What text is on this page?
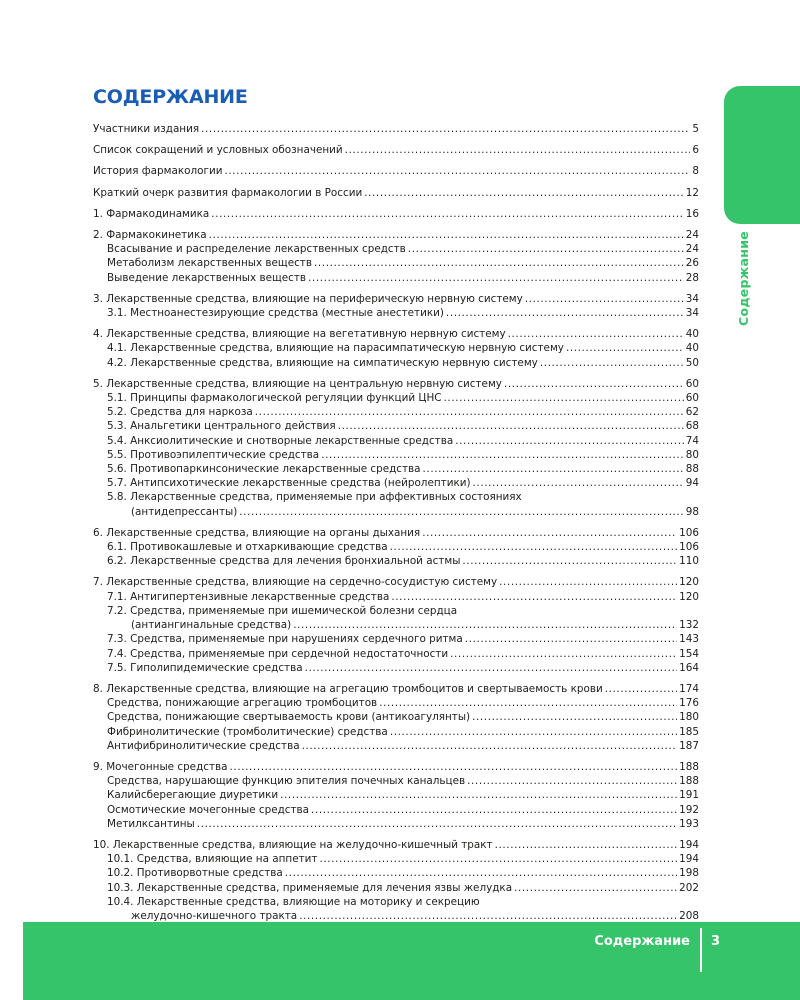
Содержание
СОДЕРЖАНИЕ
Участники издания .....	5
Список сокращений и условных обозначений .....	6
История фармакологии .....	8
Краткий очерк развития фармакологии в России .....	12
1. Фармакодинамика .....	16
2. Фармакокинетика .....	24
Всасывание и распределение лекарственных средств .....	24
Метаболизм лекарственных веществ .....	26
Выведение лекарственных веществ .....	28
3. Лекарственные средства, влияющие на периферическую нервную систему .....	34
3.1. Местноанестезирующие средства (местные анестетики) .....	34
4. Лекарственные средства, влияющие на вегетативную нервную систему .....	40
4.1. Лекарственные средства, влияющие на парасимпатическую нервную систему .....	40
4.2. Лекарственные средства, влияющие на симпатическую нервную систему .....	50
5. Лекарственные средства, влияющие на центральную нервную систему .....	60
5.1. Принципы фармакологической регуляции функций ЦНС .....	60
5.2. Средства для наркоза .....	62
5.3. Анальгетики центрального действия .....	68
5.4. Анксиолитические и снотворные лекарственные средства .....	74
5.5. Противоэпилептические средства .....	80
5.6. Противопаркинсонические лекарственные средства .....	88
5.7. Антипсихотические лекарственные средства (нейролептики) .....	94
5.8. Лекарственные средства, применяемые при аффективных состояниях
(антидепрессанты) .....	98
6. Лекарственные средства, влияющие на органы дыхания .....	106
6.1. Противокашлевые и отхаркивающие средства .....	106
6.2. Лекарственные средства для лечения бронхиальной астмы .....	110
7. Лекарственные средства, влияющие на сердечно-сосудистую систему .....	120
7.1. Антигипертензивные лекарственные средства .....	120
7.2. Средства, применяемые при ишемической болезни сердца
(антиангинальные средства) .....	132
7.3. Средства, применяемые при нарушениях сердечного ритма .....	143
7.4. Средства, применяемые при сердечной недостаточности .....	154
7.5. Гиполипидемические средства .....	164
8. Лекарственные средства, влияющие на агрегацию тромбоцитов и свертываемость крови .....	174
Средства, понижающие агрегацию тромбоцитов .....	176
Средства, понижающие свертываемость крови (антикоагулянты) .....	180
Фибринолитические (тромболитические) средства .....	185
Антифибринолитические средства .....	187
9. Мочегонные средства .....	188
Средства, нарушающие функцию эпителия почечных канальцев .....	188
Калийсберегающие диуретики .....	191
Осмотические мочегонные средства .....	192
Метилксантины .....	193
10. Лекарственные средства, влияющие на желудочно-кишечный тракт .....	194
10.1. Средства, влияющие на аппетит .....	194
10.2. Противорвотные средства .....	198
10.3. Лекарственные средства, применяемые для лечения язвы желудка .....	202
10.4. Лекарственные средства, влияющие на моторику и секрецию
желудочно-кишечного тракта .....	208
Содержание 3
